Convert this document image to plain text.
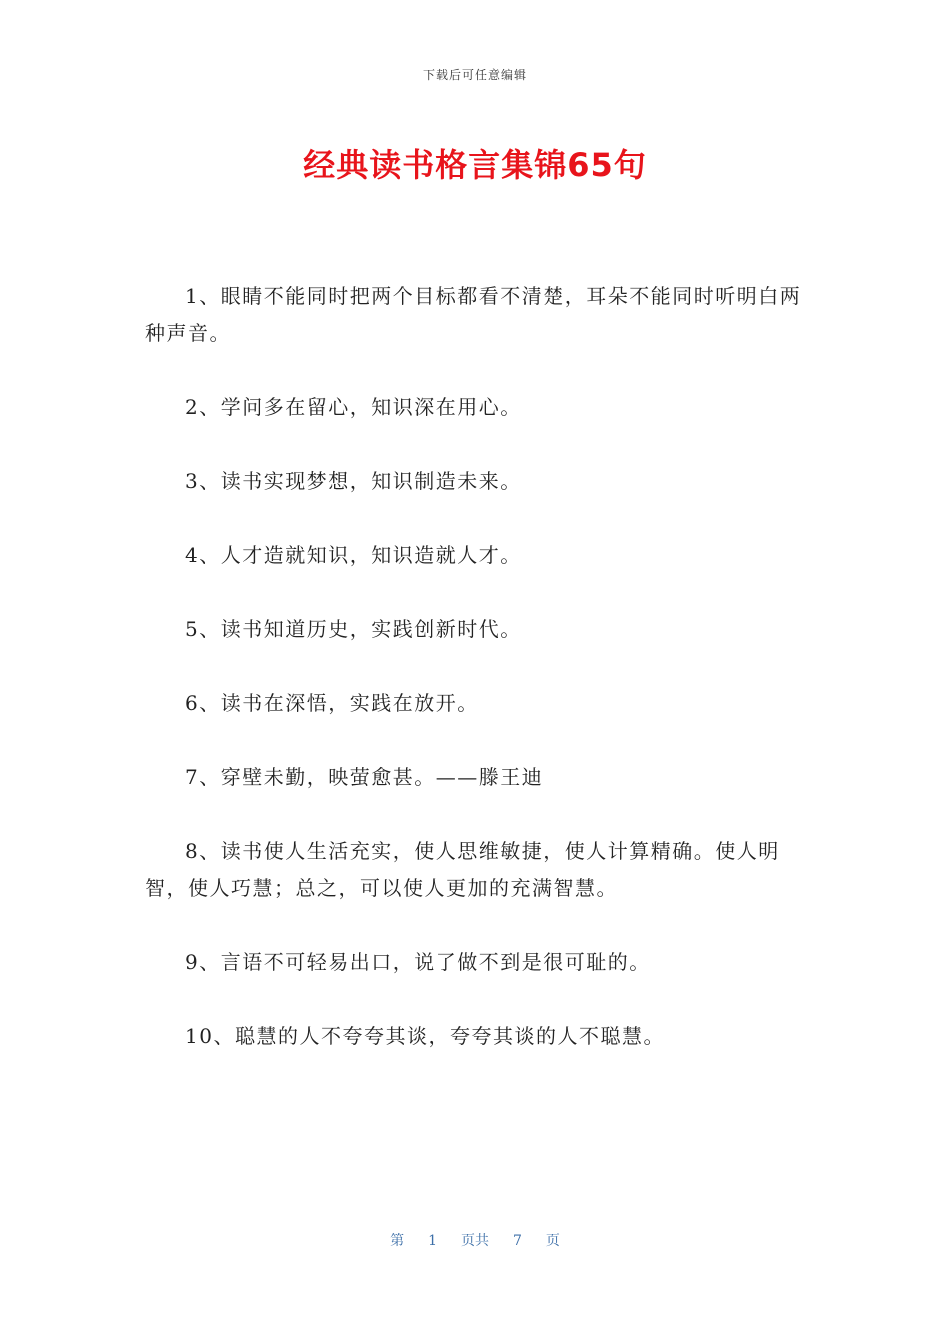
下载后可任意编辑
经典读书格言集锦65句

1、眼睛不能同时把两个目标都看不清楚，耳朵不能同时听明白两种声音。

2、学问多在留心，知识深在用心。

3、读书实现梦想，知识制造未来。

4、人才造就知识，知识造就人才。

5、读书知道历史，实践创新时代。

6、读书在深悟，实践在放开。

7、穿壁未勤，映萤愈甚。——滕王迪

8、读书使人生活充实，使人思维敏捷，使人计算精确。使人明智，使人巧慧；总之，可以使人更加的充满智慧。

9、言语不可轻易出口，说了做不到是很可耻的。

10、聪慧的人不夸夸其谈，夸夸其谈的人不聪慧。

第 1 页共 7 页
